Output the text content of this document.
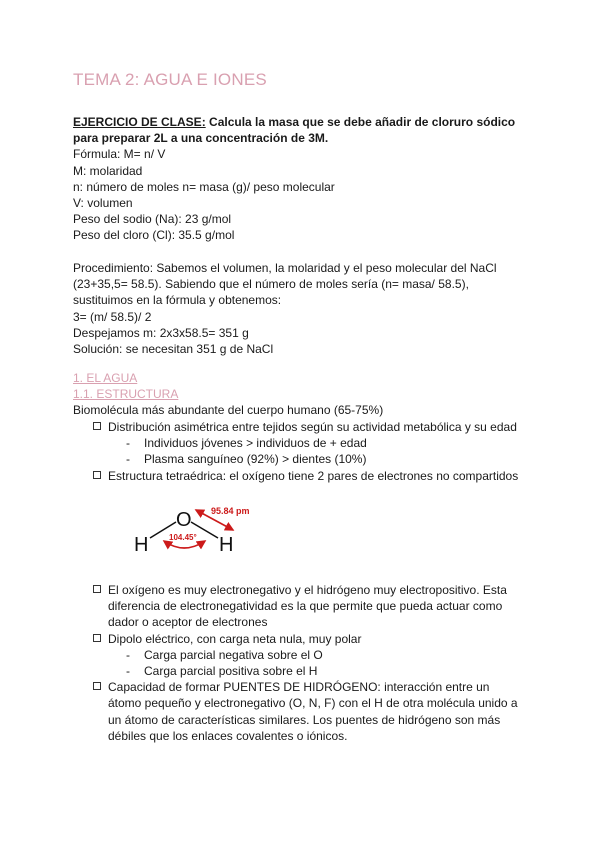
TEMA 2: AGUA E IONES
EJERCICIO DE CLASE: Calcula la masa que se debe añadir de cloruro sódico
para preparar 2L a una concentración de 3M.
Fórmula: M= n/ V
M: molaridad
n: número de moles n= masa (g)/ peso molecular
V: volumen
Peso del sodio (Na): 23 g/mol
Peso del cloro (Cl): 35.5 g/mol
Procedimiento: Sabemos el volumen, la molaridad y el peso molecular del NaCl
(23+35,5= 58.5). Sabiendo que el número de moles sería (n= masa/ 58.5),
sustituimos en la fórmula y obtenemos:
3= (m/ 58.5)/ 2
Despejamos m: 2x3x58.5= 351 g
Solución: se necesitan 351 g de NaCl
1. EL AGUA
1.1. ESTRUCTURA
Biomolécula más abundante del cuerpo humano (65-75%)
Distribución asimétrica entre tejidos según su actividad metabólica y su edad
- Individuos jóvenes > individuos de + edad
- Plasma sanguíneo (92%) > dientes (10%)
Estructura tetraédrica: el oxígeno tiene 2 pares de electrones no compartidos
O
H	H
95.84 pm
104.45°
El oxígeno es muy electronegativo y el hidrógeno muy electropositivo. Esta
diferencia de electronegatividad es la que permite que pueda actuar como
dador o aceptor de electrones
Dipolo eléctrico, con carga neta nula, muy polar
- Carga parcial negativa sobre el O
- Carga parcial positiva sobre el H
Capacidad de formar PUENTES DE HIDRÓGENO: interacción entre un
átomo pequeño y electronegativo (O, N, F) con el H de otra molécula unido a
un átomo de características similares. Los puentes de hidrógeno son más
débiles que los enlaces covalentes o iónicos.
